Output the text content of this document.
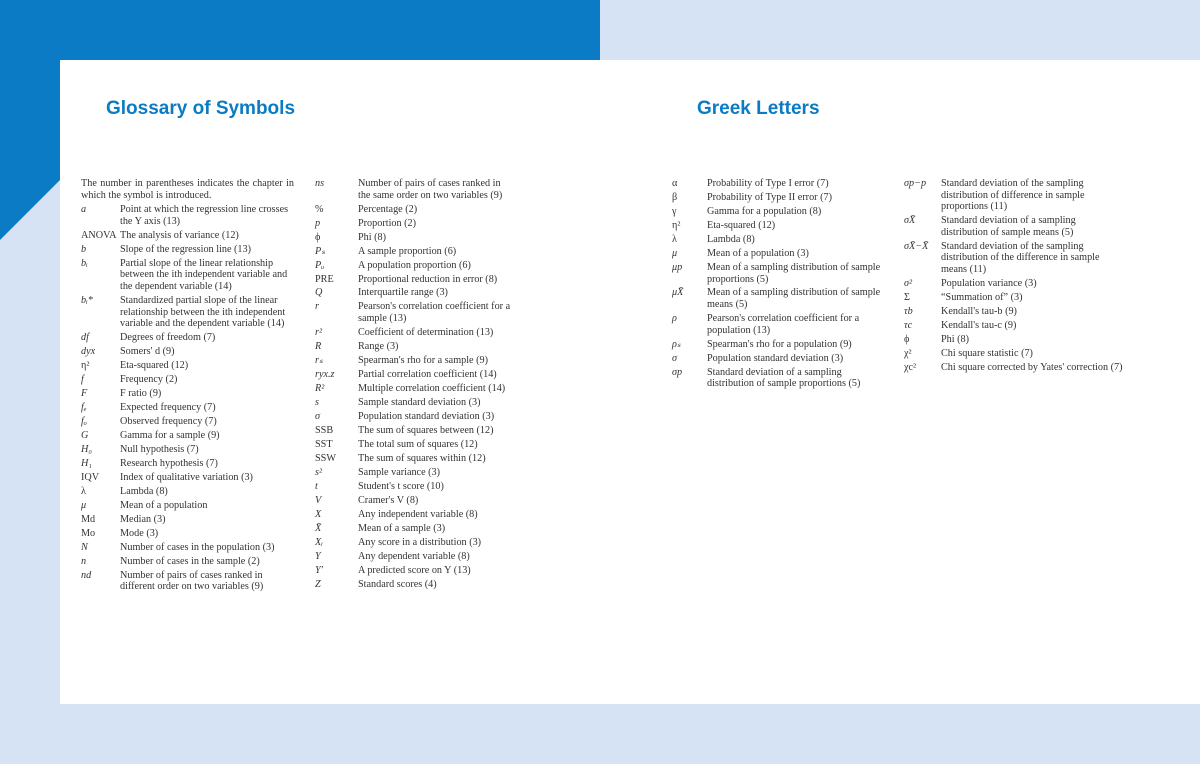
Glossary of Symbols	Greek Letters
The number in parentheses indicates the chapter in which the symbol is introduced.
a	Point at which the regression line crosses the Y axis (13)
ANOVA The analysis of variance (12)
b	Slope of the regression line (13)
bᵢ	Partial slope of the linear relationship between the ith independent variable and the dependent variable (14)
bᵢ*	Standardized partial slope of the linear relationship between the ith independent variable and the dependent variable (14)
df	Degrees of freedom (7)
dyx	Somers' d (9)
η²	Eta-squared (12)
f	Frequency (2)
F	F ratio (9)
fₑ	Expected frequency (7)
fₒ	Observed frequency (7)
G	Gamma for a sample (9)
H₀	Null hypothesis (7)
H₁	Research hypothesis (7)
IQV	Index of qualitative variation (3)
λ	Lambda (8)
μ	Mean of a population
Md	Median (3)
Mo	Mode (3)
N	Number of cases in the population (3)
n	Number of cases in the sample (2)
nd	Number of pairs of cases ranked in different order on two variables (9)
ns	Number of pairs of cases ranked in the same order on two variables (9)
%	Percentage (2)
p	Proportion (2)
ϕ	Phi (8)
Pₛ	A sample proportion (6)
Pᵤ	A population proportion (6)
PRE	Proportional reduction in error (8)
Q	Interquartile range (3)
r	Pearson's correlation coefficient for a sample (13)
r²	Coefficient of determination (13)
R	Range (3)
rₛ	Spearman's rho for a sample (9)
ryx.z	Partial correlation coefficient (14)
R²	Multiple correlation coefficient (14)
s	Sample standard deviation (3)
σ	Population standard deviation (3)
SSB	The sum of squares between (12)
SST	The total sum of squares (12)
SSW	The sum of squares within (12)
s²	Sample variance (3)
t	Student's t score (10)
V	Cramer's V (8)
X	Any independent variable (8)
X̄	Mean of a sample (3)
Xᵢ	Any score in a distribution (3)
Y	Any dependent variable (8)
Y′	A predicted score on Y (13)
Z	Standard scores (4)
α	Probability of Type I error (7)
β	Probability of Type II error (7)
γ	Gamma for a population (8)
η²	Eta-squared (12)
λ	Lambda (8)
μ	Mean of a population (3)
μp	Mean of a sampling distribution of sample proportions (5)
μX̄	Mean of a sampling distribution of sample means (5)
ρ	Pearson's correlation coefficient for a population (13)
ρₛ	Spearman's rho for a population (9)
σ	Population standard deviation (3)
σp	Standard deviation of a sampling distribution of sample proportions (5)
σp−p	Standard deviation of the sampling distribution of difference in sample proportions (11)
σX̄	Standard deviation of a sampling distribution of sample means (5)
σX̄−X̄	Standard deviation of the sampling distribution of the difference in sample means (11)
σ²	Population variance (3)
Σ	“Summation of” (3)
τb	Kendall's tau-b (9)
τc	Kendall's tau-c (9)
ϕ	Phi (8)
χ²	Chi square statistic (7)
χc²	Chi square corrected by Yates' correction (7)
